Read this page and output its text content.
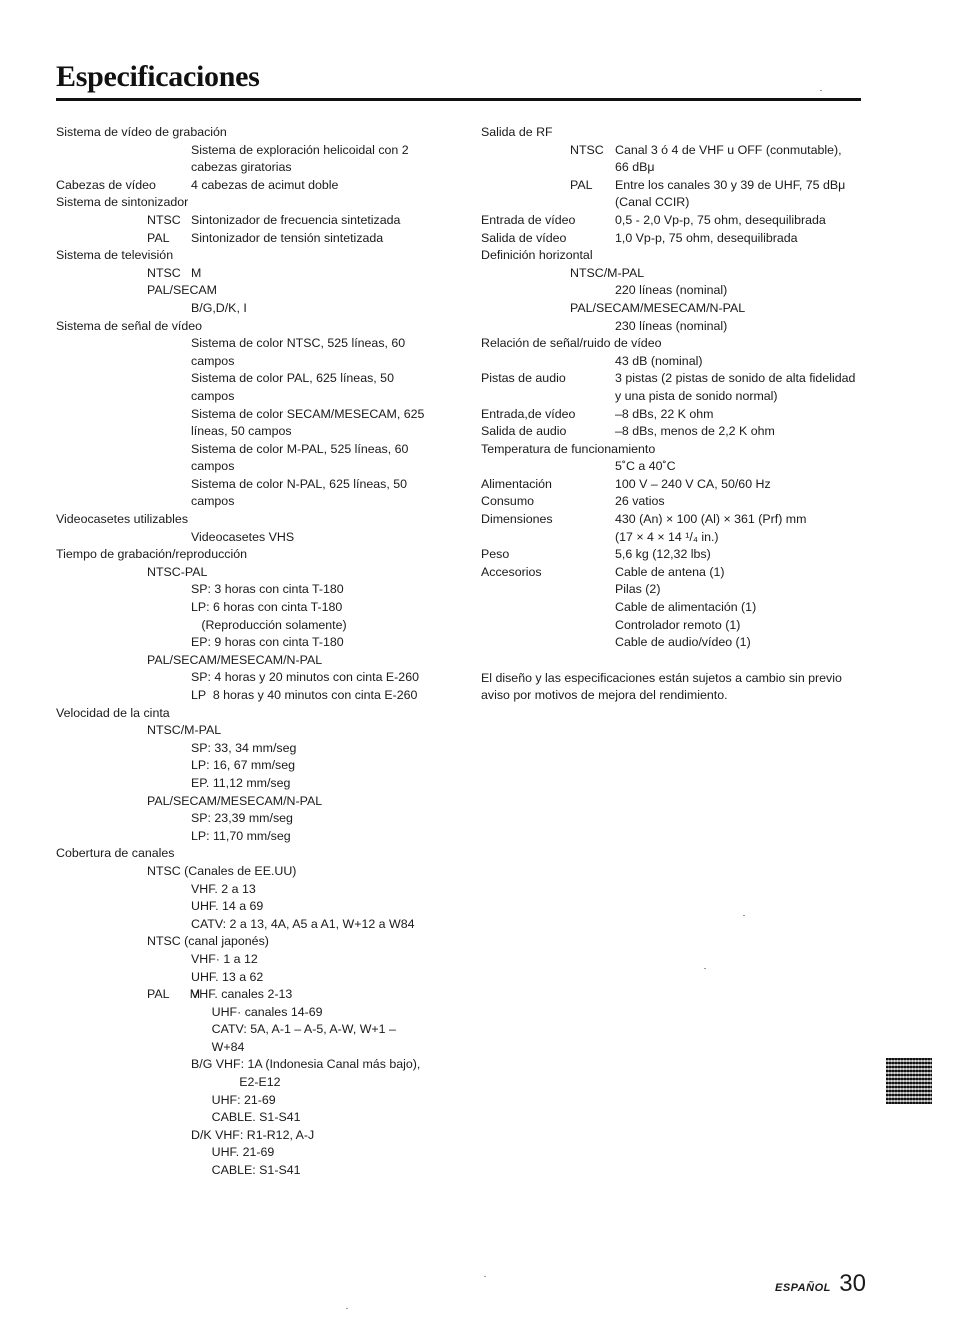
Especificaciones
Sistema de vídeo de grabación
Sistema de exploración helicoidal con 2
cabezas giratorias
Cabezas de vídeo	4 cabezas de acimut doble
Sistema de sintonizador
NTSC Sintonizador de frecuencia sintetizada
PAL Sintonizador de tensión sintetizada
Sistema de televisión
NTSC M
PAL/SECAM
B/G,D/K, I
Sistema de señal de vídeo
Sistema de color NTSC, 525 líneas, 60
campos
Sistema de color PAL, 625 líneas, 50
campos
Sistema de color SECAM/MESECAM, 625
líneas, 50 campos
Sistema de color M-PAL, 525 líneas, 60
campos
Sistema de color N-PAL, 625 líneas, 50
campos
Videocasetes utilizables
Videocasetes VHS
Tiempo de grabación/reproducción
NTSC-PAL
SP: 3 horas con cinta T-180
LP: 6 horas con cinta T-180
(Reproducción solamente)
EP: 9 horas con cinta T-180
PAL/SECAM/MESECAM/N-PAL
SP: 4 horas y 20 minutos con cinta E-260
LP  8 horas y 40 minutos con cinta E-260
Velocidad de la cinta
NTSC/M-PAL
SP: 33, 34 mm/seg
LP: 16, 67 mm/seg
EP. 11,12 mm/seg
PAL/SECAM/MESECAM/N-PAL
SP: 23,39 mm/seg
LP: 11,70 mm/seg
Cobertura de canales
NTSC (Canales de EE.UU)
VHF. 2 a 13
UHF. 14 a 69
CATV: 2 a 13, 4A, A5 a A1, W+12 a W84
NTSC (canal japonés)
VHF· 1 a 12
UHF. 13 a 62
PAL      M
VHF. canales 2-13
UHF· canales 14-69
CATV: 5A, A-1 – A-5, A-W, W+1 –
W+84
B/G VHF: 1A (Indonesia Canal más bajo),
E2-E12
UHF: 21-69
CABLE. S1-S41
D/K VHF: R1-R12, A-J
UHF. 21-69
CABLE: S1-S41
Salida de RF
NTSC Canal 3 ó 4 de VHF u OFF (conmutable),
66 dBμ
PAL Entre los canales 30 y 39 de UHF, 75 dBμ
(Canal CCIR)
Entrada de vídeo	0,5 - 2,0 Vp-p, 75 ohm, desequilibrada
Salida de vídeo	1,0 Vp-p, 75 ohm, desequilibrada
Definición horizontal
NTSC/M-PAL
220 líneas (nominal)
PAL/SECAM/MESECAM/N-PAL
230 líneas (nominal)
Relación de señal/ruido de vídeo
43 dB (nominal)
Pistas de audio	3 pistas (2 pistas de sonido de alta fidelidad
y una pista de sonido normal)
Entrada,de vídeo	–8 dBs, 22 K ohm
Salida de audio	–8 dBs, menos de 2,2 K ohm
Temperatura de funcionamiento
5˚C a 40˚C
Alimentación	100 V – 240 V CA, 50/60 Hz
Consumo	26 vatios
Dimensiones	430 (An) × 100 (Al) × 361 (Prf) mm
(17 × 4 × 14 ¹/₄ in.)
Peso	5,6 kg (12,32 lbs)
Accesorios	Cable de antena (1)
Pilas (2)
Cable de alimentación (1)
Controlador remoto (1)
Cable de audio/vídeo (1)
El diseño y las especificaciones están sujetos a cambio sin previo aviso por motivos de mejora del rendimiento.
ESPAÑOL 30
